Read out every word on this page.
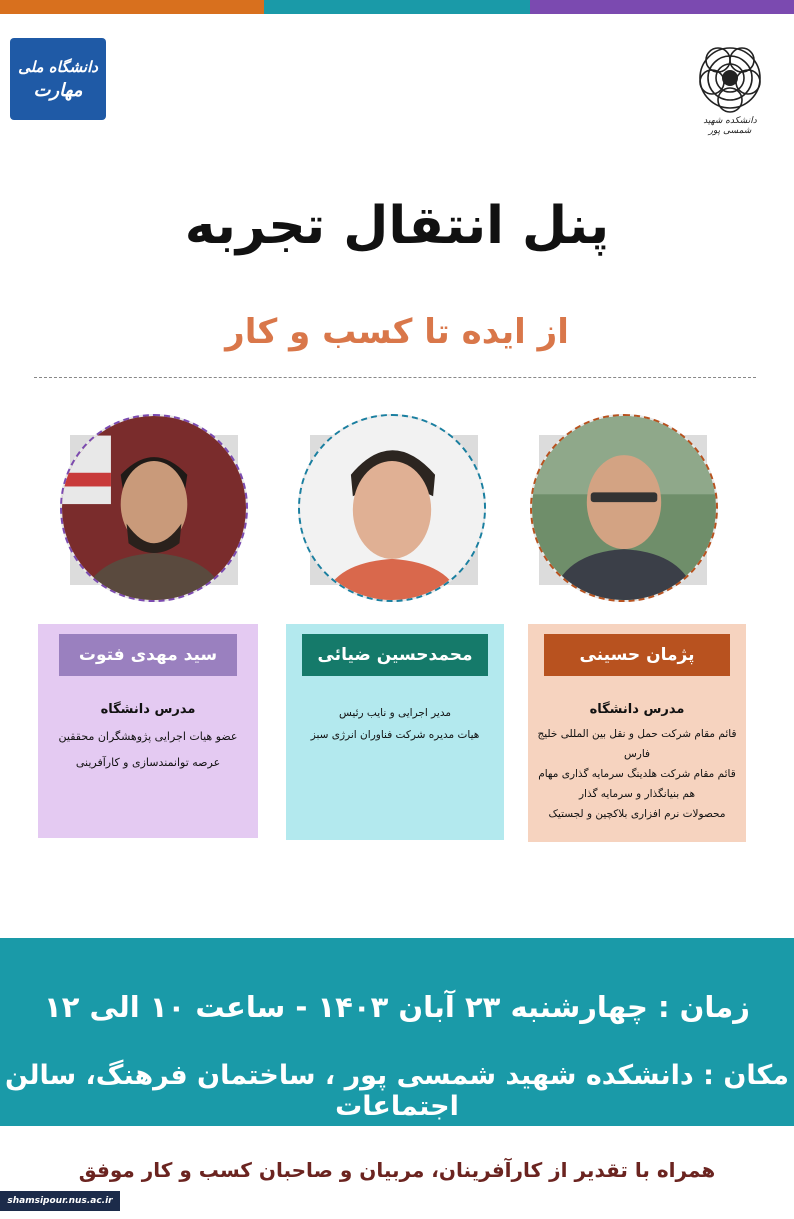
دانشگاه ملی
مهارت
دانشکده شهید شمسی پور
پنل انتقال تجربه
از ایده تا کسب و کار
پژمان حسینی
مدرس دانشگاه
قائم مقام شرکت حمل و نقل بین المللی خلیج فارس
قائم مقام شرکت هلدینگ سرمایه گذاری مهام
هم بنیانگذار و سرمایه گذار
محصولات نرم افزاری بلاکچین و لجستیک
محمدحسین ضیائی
مدیر اجرایی و نایب رئیس
هیات مدیره شرکت فناوران انرژی سبز
سید مهدی فتوت
مدرس دانشگاه
عضو هیات اجرایی پژوهشگران محققین
عرصه توانمندسازی و کارآفرینی
زمان : چهارشنبه ۲۳ آبان ۱۴۰۳ - ساعت ۱۰ الی ۱۲
مکان : دانشکده شهید شمسی پور ، ساختمان فرهنگ، سالن اجتماعات
همراه با تقدیر از کارآفرینان، مربیان و صاحبان کسب و کار موفق
shamsipour.nus.ac.ir
